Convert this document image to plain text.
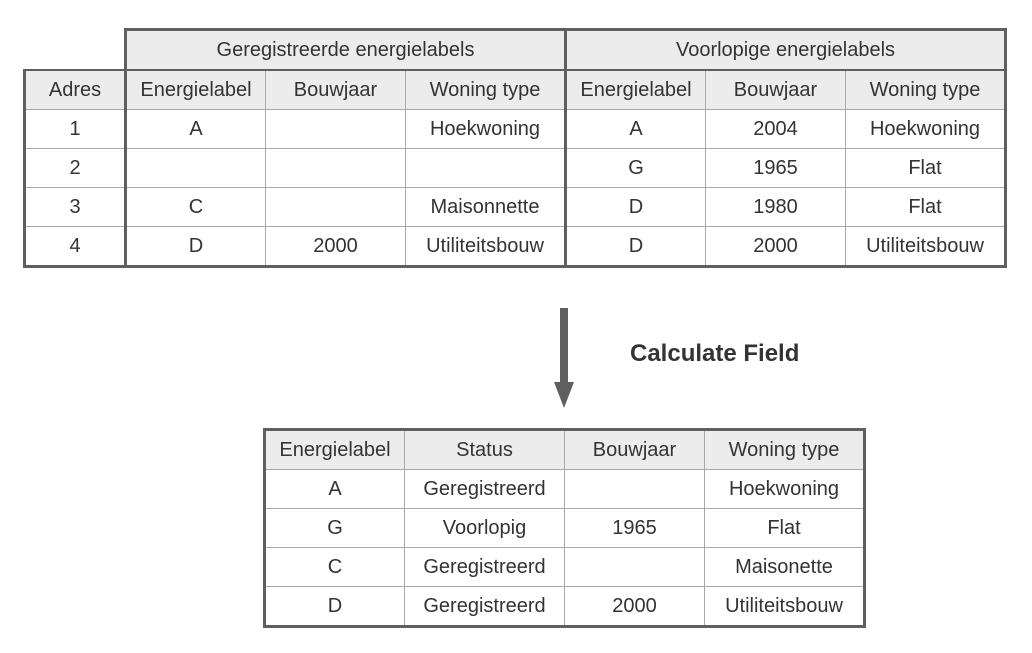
	Geregistreerde energielabels			Voorlopige energielabels		
Adres	Energielabel	Bouwjaar	Woning type	Energielabel	Bouwjaar	Woning type
1	A		Hoekwoning	A	2004	Hoekwoning
2				G	1965	Flat
3	C		Maisonnette	D	1980	Flat
4	D	2000	Utiliteitsbouw	D	2000	Utiliteitsbouw
Calculate Field
Energielabel	Status	Bouwjaar	Woning type
A	Geregistreerd		Hoekwoning
G	Voorlopig	1965	Flat
C	Geregistreerd		Maisonette
D	Geregistreerd	2000	Utiliteitsbouw
